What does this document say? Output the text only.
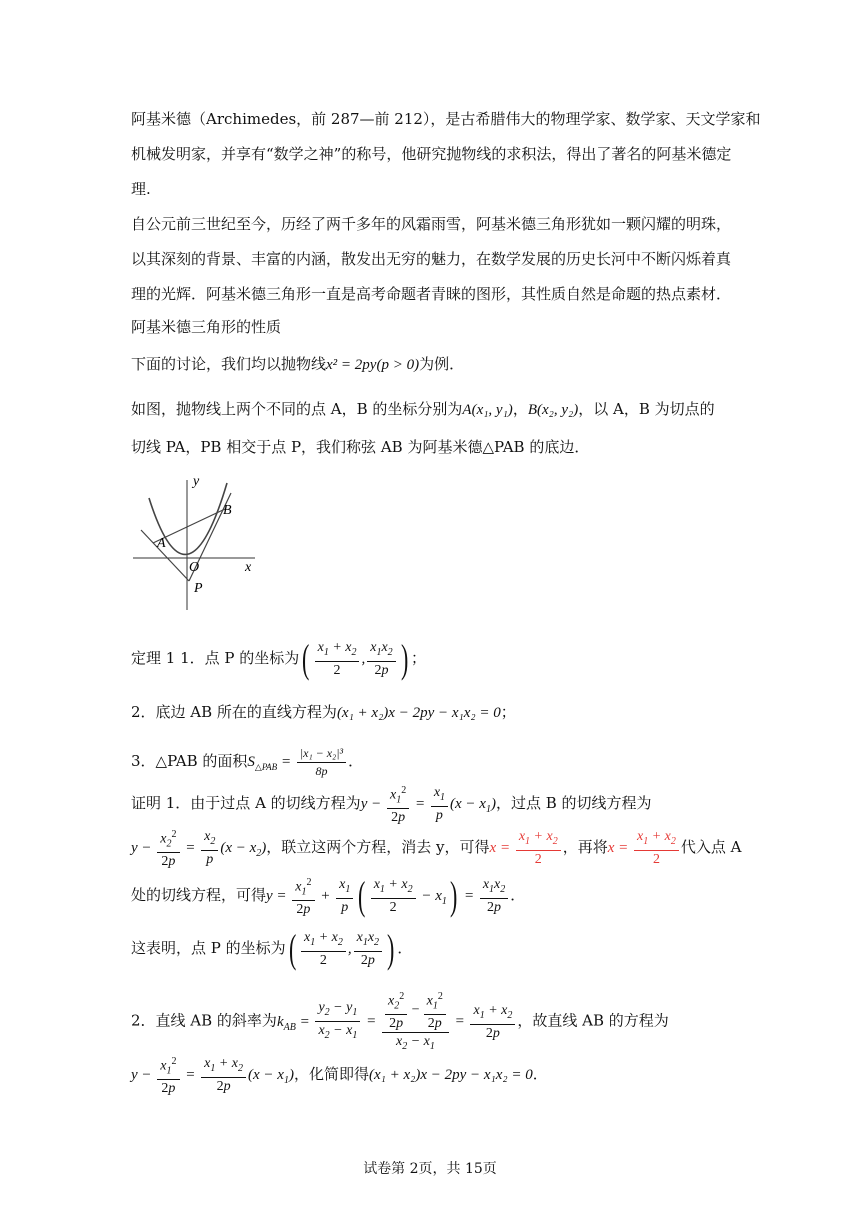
阿基米德（Archimedes，前 287—前 212），是古希腊伟大的物理学家、数学家、天文学家和
机械发明家，并享有“数学之神”的称号，他研究抛物线的求积法，得出了著名的阿基米德定
理.
自公元前三世纪至今，历经了两千多年的风霜雨雪，阿基米德三角形犹如一颗闪耀的明珠，
以其深刻的背景、丰富的内涵，散发出无穷的魅力，在数学发展的历史长河中不断闪烁着真
理的光辉．阿基米德三角形一直是高考命题者青睐的图形，其性质自然是命题的热点素材．
阿基米德三角形的性质
下面的讨论，我们均以抛物线x² = 2py(p > 0)为例．
如图，抛物线上两个不同的点 A，B 的坐标分别为A(x₁, y₁)，B(x₂, y₂)，以 A，B 为切点的
切线 PA，PB 相交于点 P，我们称弦 AB 为阿基米德△PAB 的底边．
y
x
A
B
O
P
定理 1 1．点 P 的坐标为( $\frac{x_1 + x_2}{2}$ , $\frac{x_1x_2}{2p}$ ) ；
2．底边 AB 所在的直线方程为(x₁ + x₂)x − 2py − x₁x₂ = 0；
3．△PAB 的面积$S_{\triangle PAB} = \frac{\text{|x₁ − x₂|³}}{8p}$ ．
证明 1．由于过点 A 的切线方程为$y - \frac{x_1^2}{2p} = \frac{x_1}{p} (x - x_1)$，过点 B 的切线方程为
$y - \frac{x_2^2}{2p} = \frac{x_2}{p} (x - x_2)$，联立这两个方程，消去 y，可得$x = \frac{x_1 + x_2}{2}$ ，再将$x = \frac{x_1 + x_2}{2}$ 代入点 A
处的切线方程，可得$y = \frac{x_1^2}{2p} + \frac{x_1}{p}$ ( $\frac{x_1 + x_2}{2} - x_1) = \frac{x_1x_2}{2p}$ ．
这表明，点 P 的坐标为( $\frac{x_1 + x_2}{2}$ , $\frac{x_1x_2}{2p}$ ) ．
2．直线 AB 的斜率为$k_{AB} = \frac{y_2 - y_1}{x_2 - x_1} = \frac{\frac{x_2^2}{2p} - \frac{x_1^2}{2p}}{x_2 - x_1} = \frac{x_1 + x_2}{2p}$ ，故直线 AB 的方程为
$y - \frac{x_1^2}{2p} = \frac{x_1 + x_2}{2p} (x - x_1)$，化简即得(x₁ + x₂)x − 2py − x₁x₂ = 0．
试卷第 2页，共 15页
